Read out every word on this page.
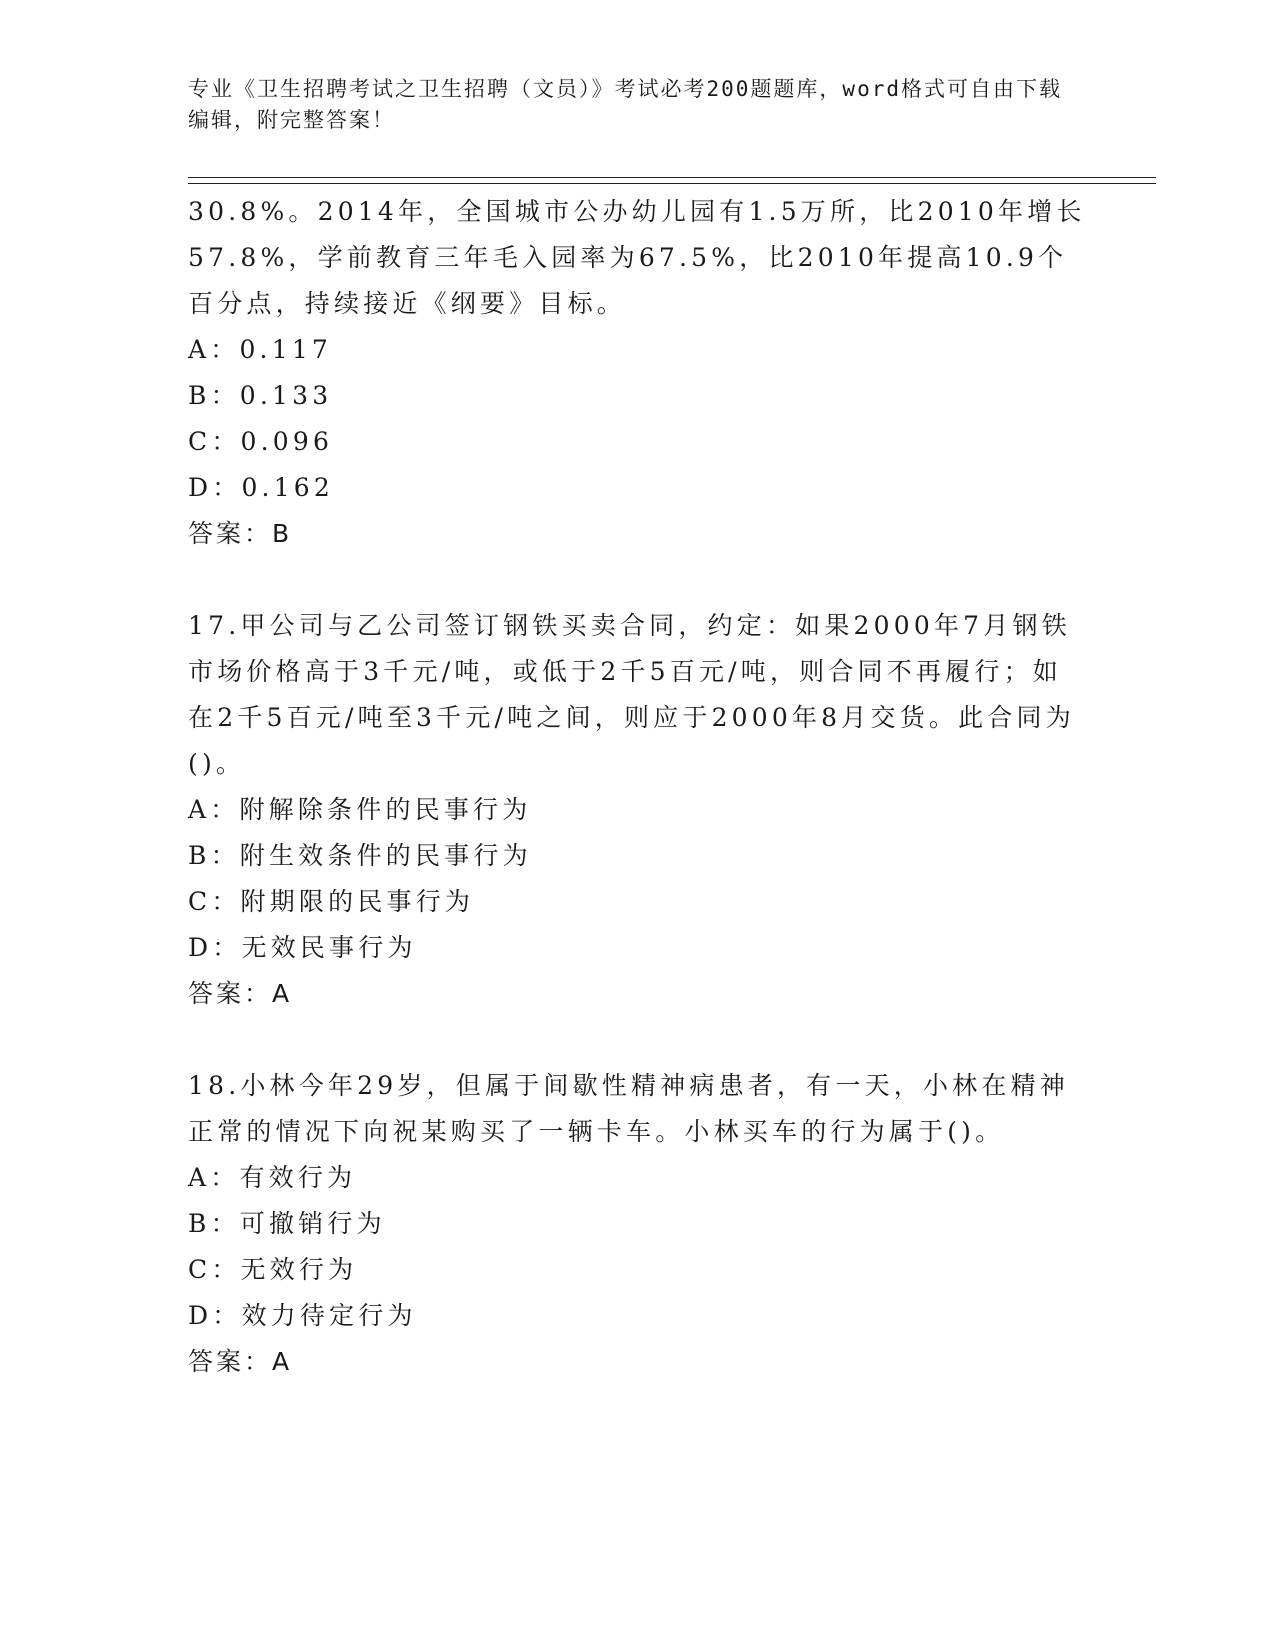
专业《卫生招聘考试之卫生招聘（文员）》考试必考200题题库，word格式可自由下载编辑，附完整答案！
30.8%。2014年，全国城市公办幼儿园有1.5万所，比2010年增长57.8%，学前教育三年毛入园率为67.5%，比2010年提高10.9个百分点，持续接近《纲要》目标。
A：0.117
B：0.133
C：0.096
D：0.162
答案：B
17.甲公司与乙公司签订钢铁买卖合同，约定：如果2000年7月钢铁市场价格高于3千元/吨，或低于2千5百元/吨，则合同不再履行；如在2千5百元/吨至3千元/吨之间，则应于2000年8月交货。此合同为()。
A：附解除条件的民事行为
B：附生效条件的民事行为
C：附期限的民事行为
D：无效民事行为
答案：A
18.小林今年29岁，但属于间歇性精神病患者，有一天，小林在精神正常的情况下向祝某购买了一辆卡车。小林买车的行为属于()。
A：有效行为
B：可撤销行为
C：无效行为
D：效力待定行为
答案：A
